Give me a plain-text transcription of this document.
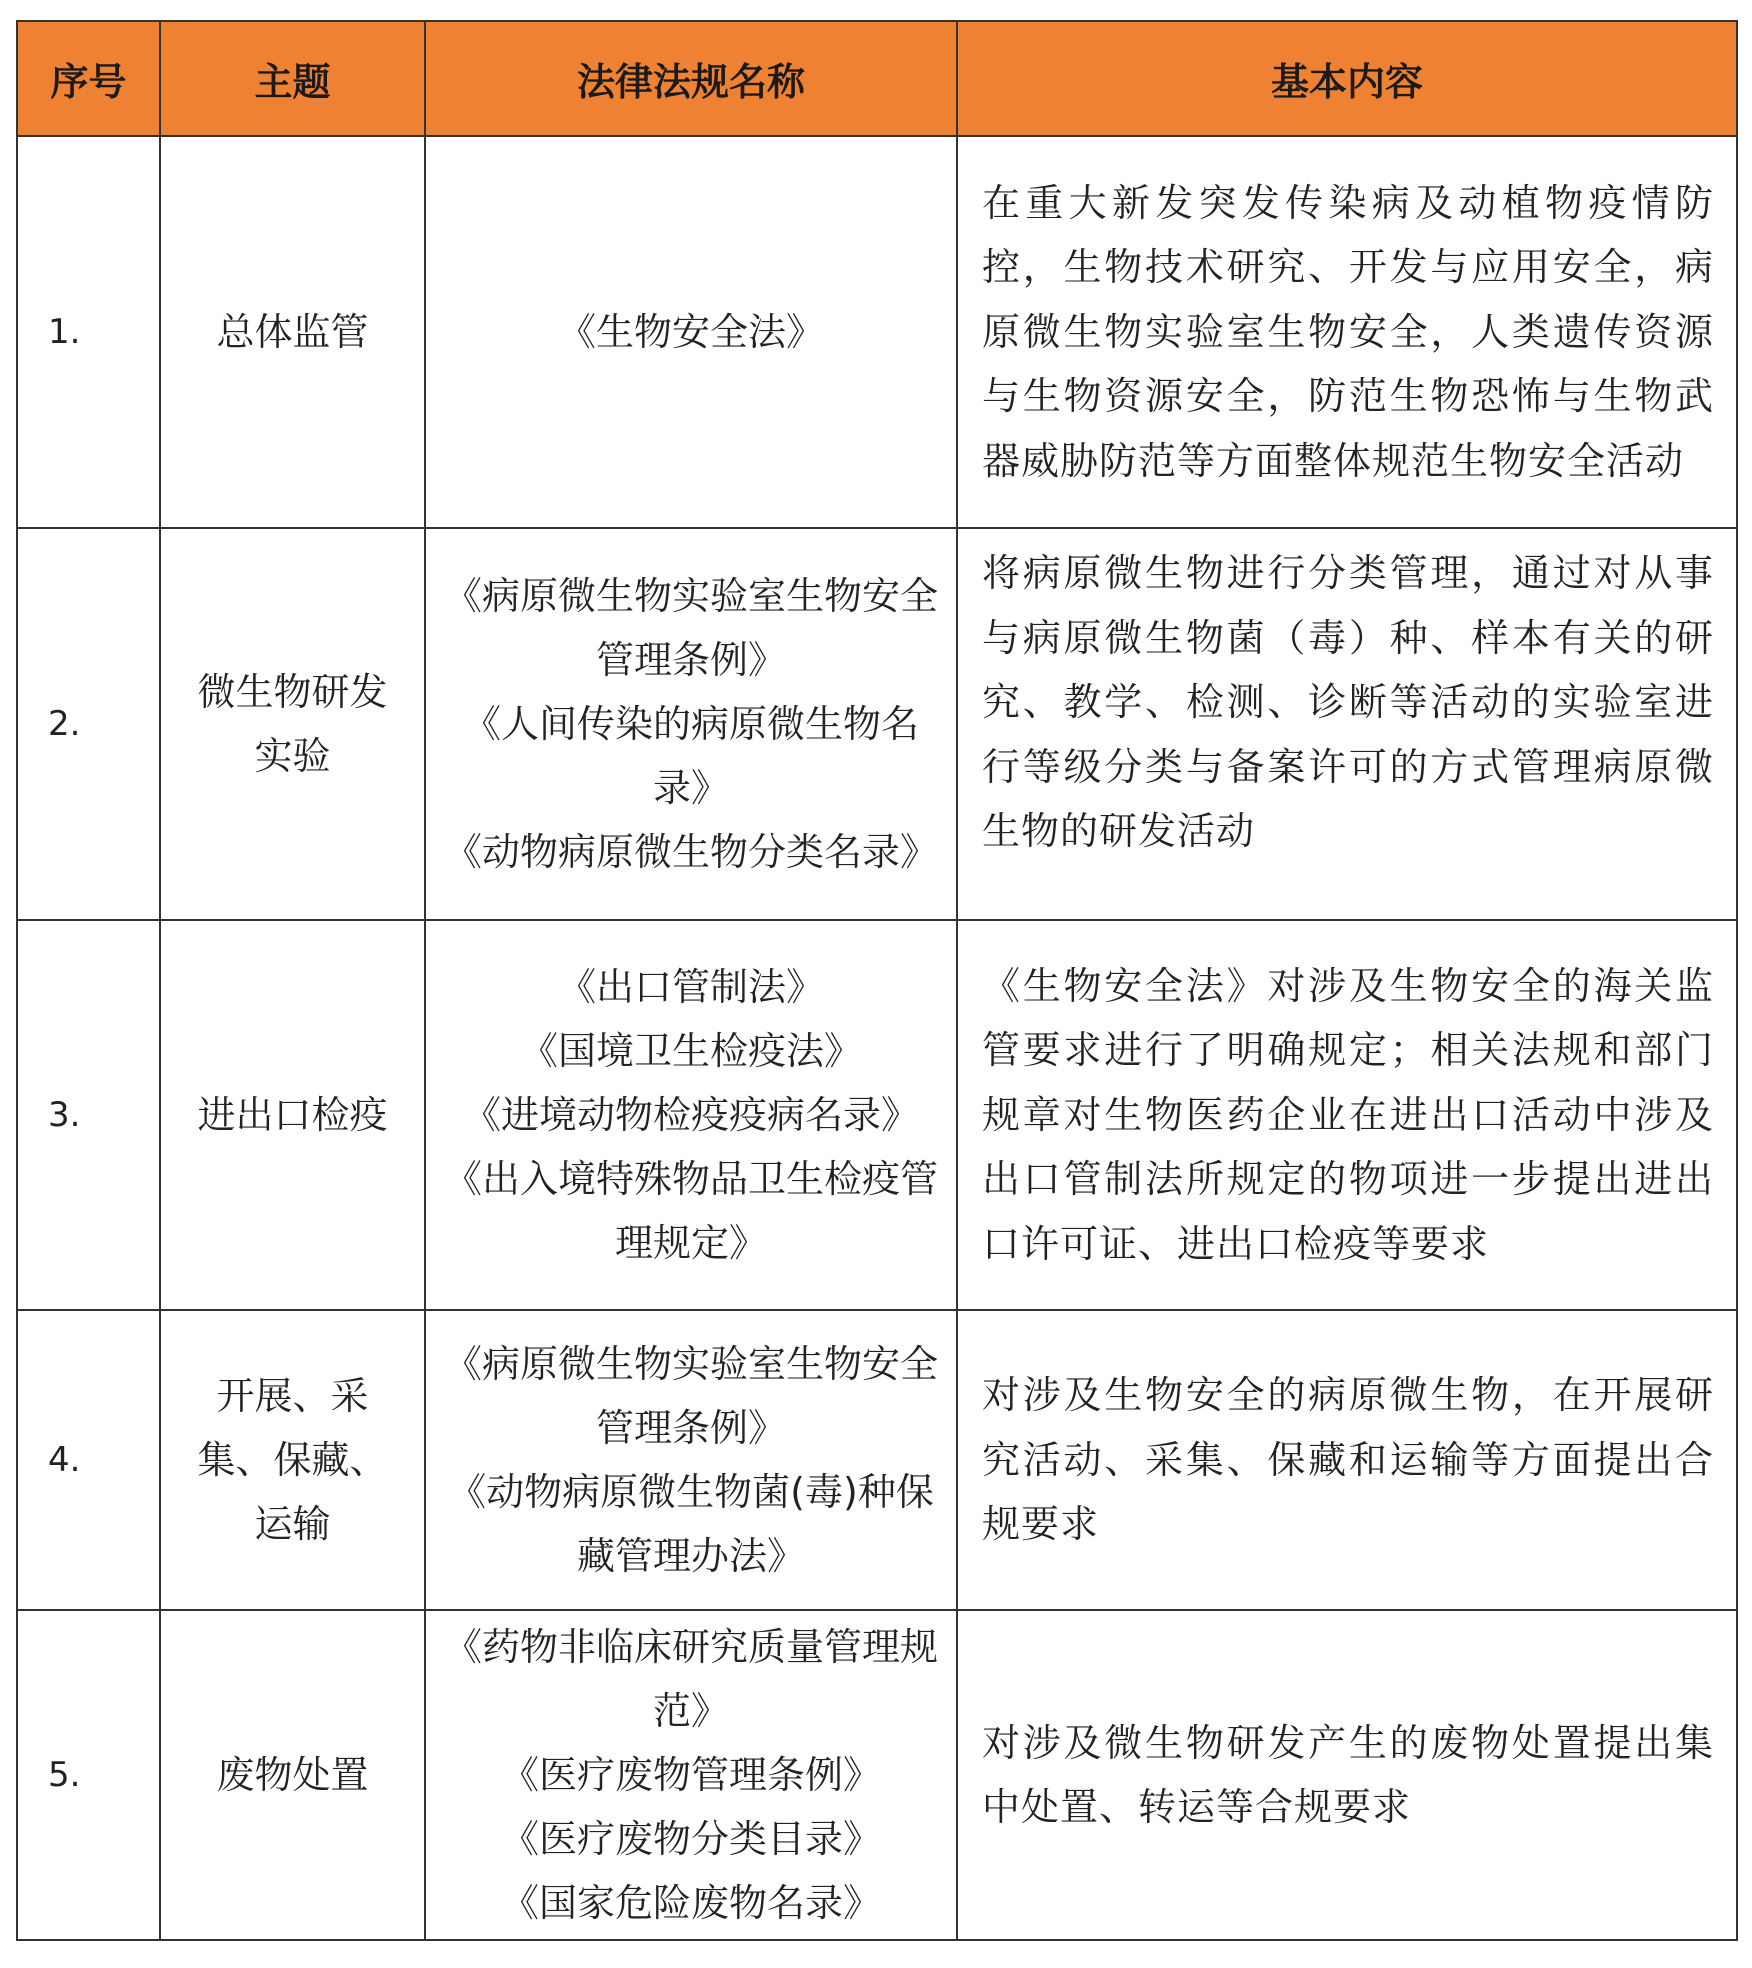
序号	主题	法律法规名称	基本内容
1.	总体监管	《生物安全法》	在重大新发突发传染病及动植物疫情防控，生物技术研究、开发与应用安全，病原微生物实验室生物安全，人类遗传资源与生物资源安全，防范生物恐怖与生物武器威胁防范等方面整体规范生物安全活动
2.	微生物研发实验	《病原微生物实验室生物安全管理条例》
《人间传染的病原微生物名录》
《动物病原微生物分类名录》	将病原微生物进行分类管理，通过对从事与病原微生物菌（毒）种、样本有关的研究、教学、检测、诊断等活动的实验室进行等级分类与备案许可的方式管理病原微生物的研发活动
3.	进出口检疫	《出口管制法》
《国境卫生检疫法》
《进境动物检疫疫病名录》
《出入境特殊物品卫生检疫管理规定》	《生物安全法》对涉及生物安全的海关监管要求进行了明确规定；相关法规和部门规章对生物医药企业在进出口活动中涉及出口管制法所规定的物项进一步提出进出口许可证、进出口检疫等要求
4.	开展、采集、保藏、运输	《病原微生物实验室生物安全管理条例》
《动物病原微生物菌(毒)种保藏管理办法》	对涉及生物安全的病原微生物，在开展研究活动、采集、保藏和运输等方面提出合规要求
5.	废物处置	《药物非临床研究质量管理规范》
《医疗废物管理条例》
《医疗废物分类目录》
《国家危险废物名录》	对涉及微生物研发产生的废物处置提出集中处置、转运等合规要求
